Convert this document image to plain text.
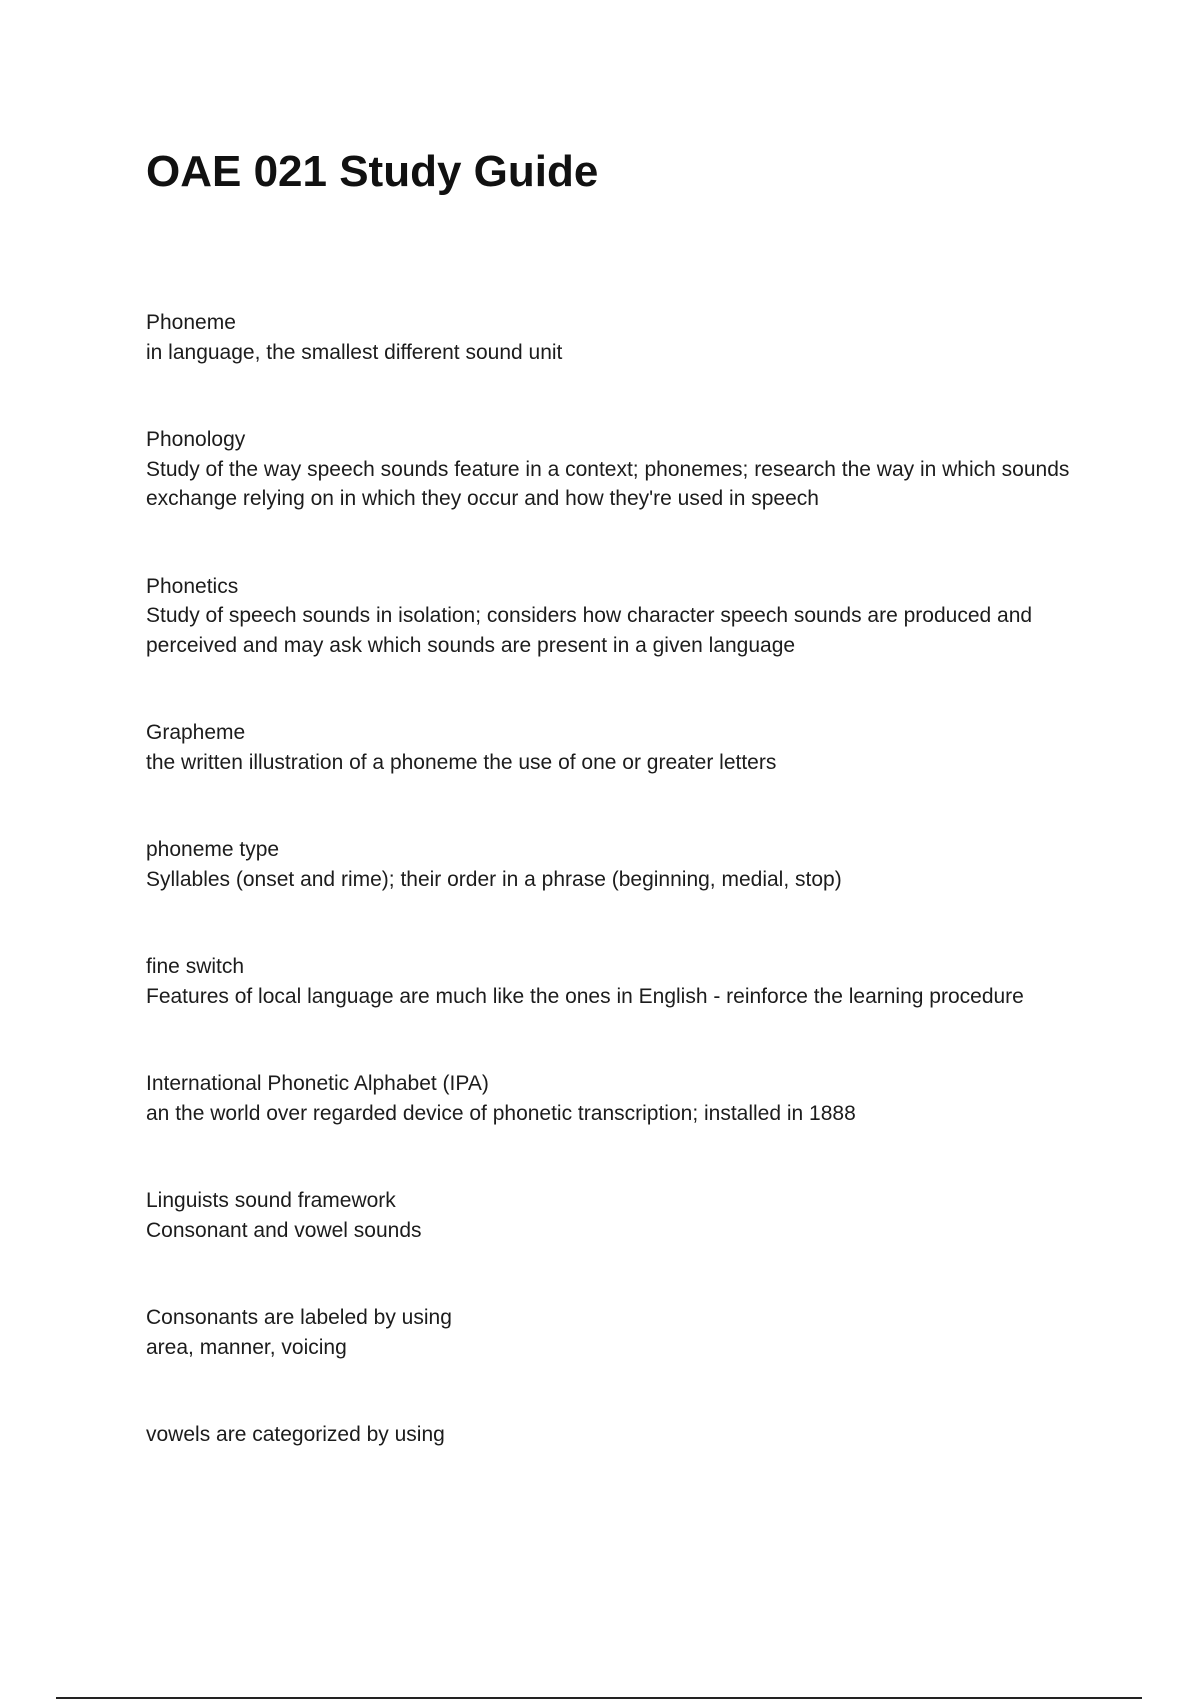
OAE 021 Study Guide
Phoneme
in language, the smallest different sound unit
Phonology
Study of the way speech sounds feature in a context; phonemes; research the way in which sounds exchange relying on in which they occur and how they're used in speech
Phonetics
Study of speech sounds in isolation; considers how character speech sounds are produced and perceived and may ask which sounds are present in a given language
Grapheme
the written illustration of a phoneme the use of one or greater letters
phoneme type
Syllables (onset and rime); their order in a phrase (beginning, medial, stop)
fine switch
Features of local language are much like the ones in English - reinforce the learning procedure
International Phonetic Alphabet (IPA)
an the world over regarded device of phonetic transcription; installed in 1888
Linguists sound framework
Consonant and vowel sounds
Consonants are labeled by using
area, manner, voicing
vowels are categorized by using
